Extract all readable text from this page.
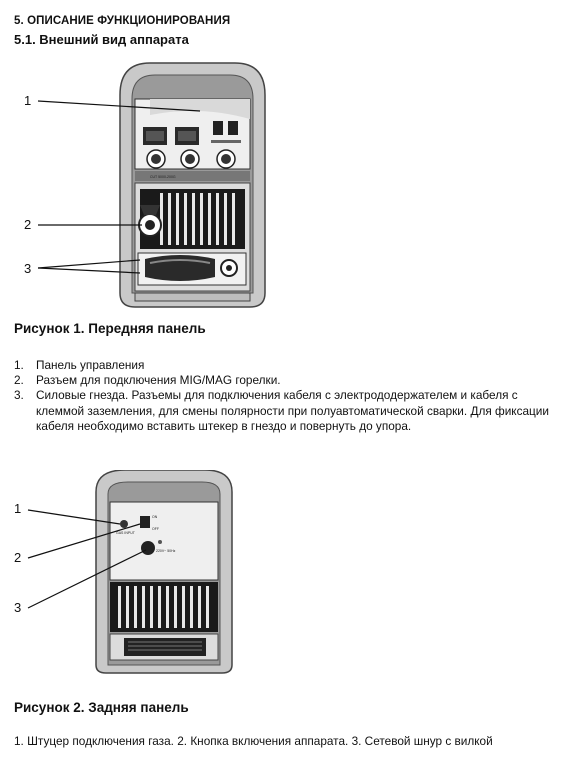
5. ОПИСАНИЕ ФУНКЦИОНИРОВАНИЯ
5.1. Внешний вид аппарата
CUT 5000-200G
1
2
3
Рисунок 1. Передняя панель
1. Панель управления
2. Разъем для подключения MIG/MAG горелки.
3. Силовые гнезда. Разъемы для подключения кабеля с электрододержателем и кабеля с клеммой заземления, для смены полярности при полуавтоматической сварки. Для фиксации кабеля необходимо вставить штекер в гнездо и повернуть до упора.
GAS INPUT
ON
OFF
220V~ 50Hz
1
2
3
Рисунок 2. Задняя панель
1. Штуцер подключения газа. 2. Кнопка включения аппарата. 3. Сетевой шнур с вилкой
